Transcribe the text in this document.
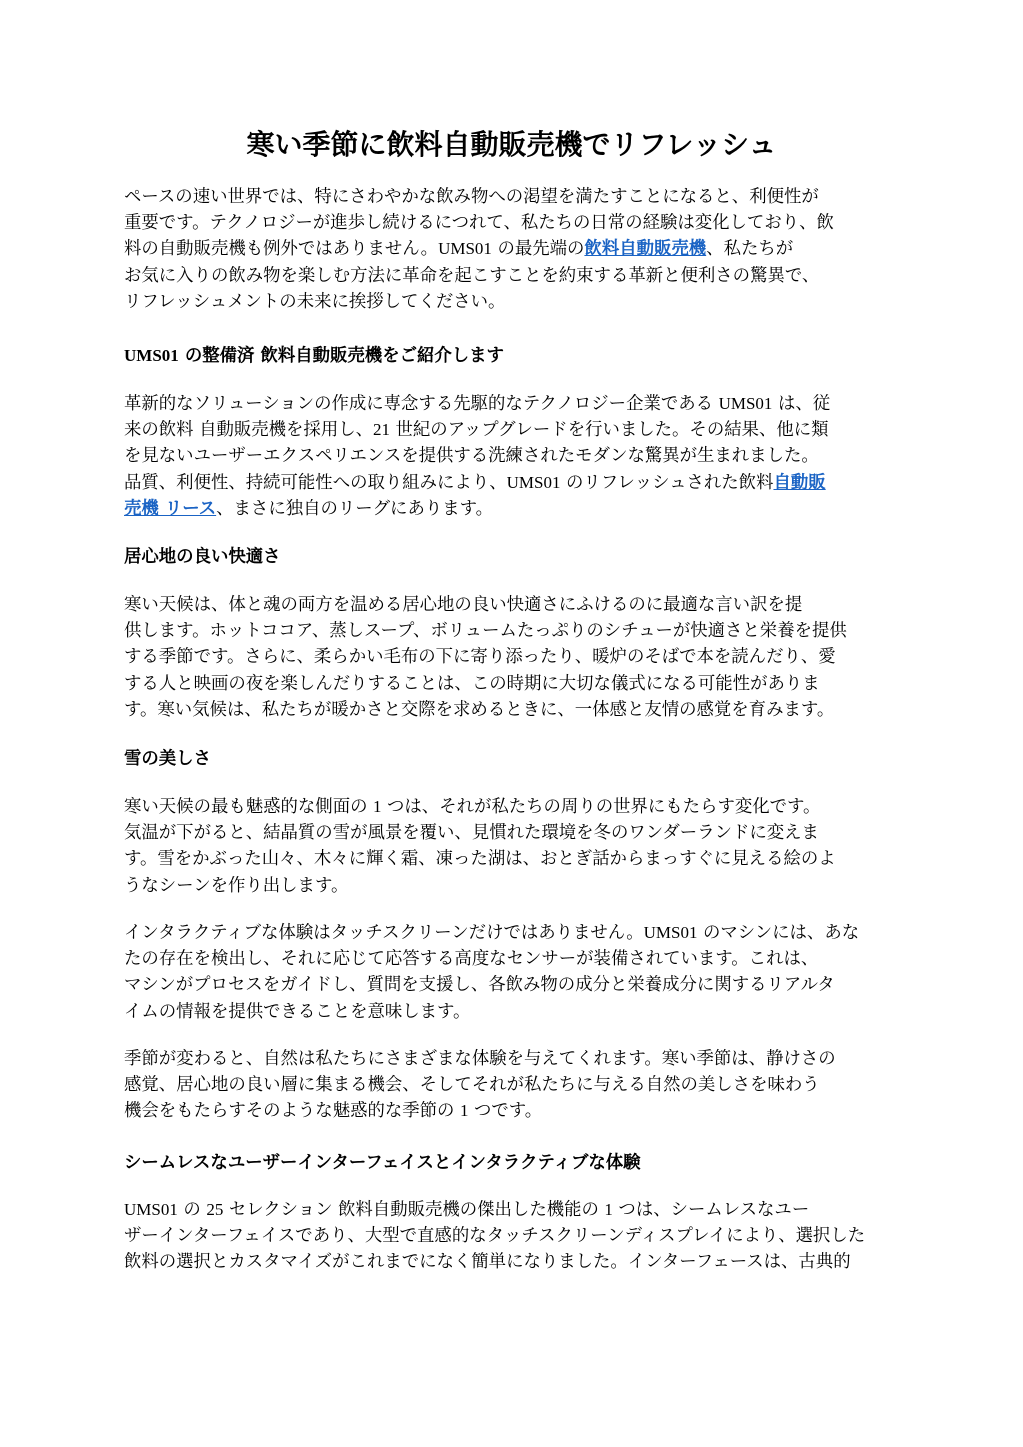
寒い季節に飲料自動販売機でリフレッシュ
ペースの速い世界では、特にさわやかな飲み物への渇望を満たすことになると、利便性が
重要です。テクノロジーが進歩し続けるにつれて、私たちの日常の経験は変化しており、飲
料の自動販売機も例外ではありません。UMS01 の最先端の飲料自動販売機、私たちが
お気に入りの飲み物を楽しむ方法に革命を起こすことを約束する革新と便利さの驚異で、
リフレッシュメントの未来に挨拶してください。
UMS01 の整備済 飲料自動販売機をご紹介します
革新的なソリューションの作成に専念する先駆的なテクノロジー企業である UMS01 は、従
来の飲料 自動販売機を採用し、21 世紀のアップグレードを行いました。その結果、他に類
を見ないユーザーエクスペリエンスを提供する洗練されたモダンな驚異が生まれました。
品質、利便性、持続可能性への取り組みにより、UMS01 のリフレッシュされた飲料自動販
売機 リース、まさに独自のリーグにあります。
居心地の良い快適さ
寒い天候は、体と魂の両方を温める居心地の良い快適さにふけるのに最適な言い訳を提
供します。ホットココア、蒸しスープ、ボリュームたっぷりのシチューが快適さと栄養を提供
する季節です。さらに、柔らかい毛布の下に寄り添ったり、暖炉のそばで本を読んだり、愛
する人と映画の夜を楽しんだりすることは、この時期に大切な儀式になる可能性がありま
す。寒い気候は、私たちが暖かさと交際を求めるときに、一体感と友情の感覚を育みます。
雪の美しさ
寒い天候の最も魅惑的な側面の 1 つは、それが私たちの周りの世界にもたらす変化です。
気温が下がると、結晶質の雪が風景を覆い、見慣れた環境を冬のワンダーランドに変えま
す。雪をかぶった山々、木々に輝く霜、凍った湖は、おとぎ話からまっすぐに見える絵のよ
うなシーンを作り出します。
インタラクティブな体験はタッチスクリーンだけではありません。UMS01 のマシンには、あな
たの存在を検出し、それに応じて応答する高度なセンサーが装備されています。これは、
マシンがプロセスをガイドし、質問を支援し、各飲み物の成分と栄養成分に関するリアルタ
イムの情報を提供できることを意味します。
季節が変わると、自然は私たちにさまざまな体験を与えてくれます。寒い季節は、静けさの
感覚、居心地の良い層に集まる機会、そしてそれが私たちに与える自然の美しさを味わう
機会をもたらすそのような魅惑的な季節の 1 つです。
シームレスなユーザーインターフェイスとインタラクティブな体験
UMS01 の 25 セレクション 飲料自動販売機の傑出した機能の 1 つは、シームレスなユー
ザーインターフェイスであり、大型で直感的なタッチスクリーンディスプレイにより、選択した
飲料の選択とカスタマイズがこれまでになく簡単になりました。インターフェースは、古典的
